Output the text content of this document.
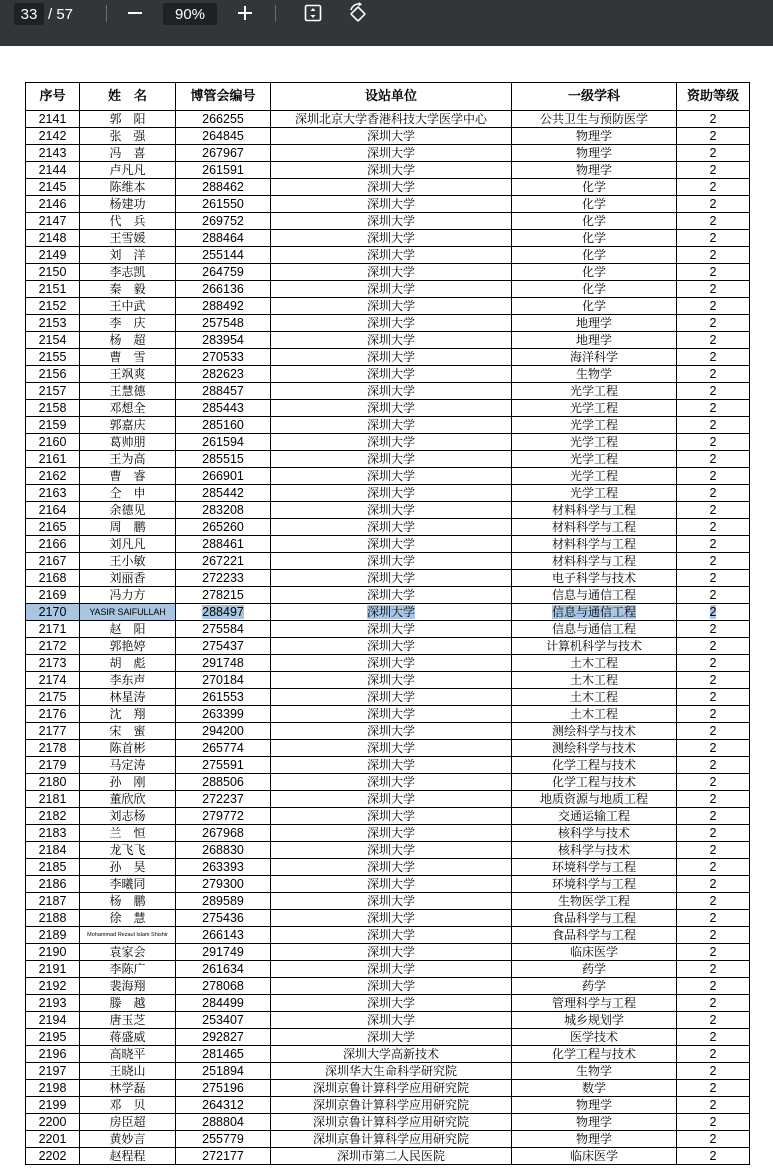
33 / 57	90%
序号	姓　名	博管会编号	设站单位	一级学科	资助等级
2141	郭　阳	266255	深圳北京大学香港科技大学医学中心	公共卫生与预防医学	2
2142	张　强	264845	深圳大学	物理学	2
2143	冯　喜	267967	深圳大学	物理学	2
2144	卢凡凡	261591	深圳大学	物理学	2
2145	陈维本	288462	深圳大学	化学	2
2146	杨建功	261550	深圳大学	化学	2
2147	代　兵	269752	深圳大学	化学	2
2148	王雪媛	288464	深圳大学	化学	2
2149	刘　洋	255144	深圳大学	化学	2
2150	李志凯	264759	深圳大学	化学	2
2151	秦　毅	266136	深圳大学	化学	2
2152	王中武	288492	深圳大学	化学	2
2153	李　庆	257548	深圳大学	地理学	2
2154	杨　超	283954	深圳大学	地理学	2
2155	曹　雪	270533	深圳大学	海洋科学	2
2156	王飒爽	282623	深圳大学	生物学	2
2157	王慧德	288457	深圳大学	光学工程	2
2158	邓想全	285443	深圳大学	光学工程	2
2159	郭嘉庆	285160	深圳大学	光学工程	2
2160	葛帅朋	261594	深圳大学	光学工程	2
2161	王为高	285515	深圳大学	光学工程	2
2162	曹　睿	266901	深圳大学	光学工程	2
2163	仝　申	285442	深圳大学	光学工程	2
2164	余德见	283208	深圳大学	材料科学与工程	2
2165	周　鹏	265260	深圳大学	材料科学与工程	2
2166	刘凡凡	288461	深圳大学	材料科学与工程	2
2167	王小敏	267221	深圳大学	材料科学与工程	2
2168	刘丽香	272233	深圳大学	电子科学与技术	2
2169	冯力方	278215	深圳大学	信息与通信工程	2
2170	YASIR SAIFULLAH	288497	深圳大学	信息与通信工程	2
2171	赵　阳	275584	深圳大学	信息与通信工程	2
2172	郭艳婷	275437	深圳大学	计算机科学与技术	2
2173	胡　彪	291748	深圳大学	土木工程	2
2174	李东声	270184	深圳大学	土木工程	2
2175	林星涛	261553	深圳大学	土木工程	2
2176	沈　翔	263399	深圳大学	土木工程	2
2177	宋　蜜	294200	深圳大学	测绘科学与技术	2
2178	陈首彬	265774	深圳大学	测绘科学与技术	2
2179	马定涛	275591	深圳大学	化学工程与技术	2
2180	孙　刚	288506	深圳大学	化学工程与技术	2
2181	董欣欣	272237	深圳大学	地质资源与地质工程	2
2182	刘志杨	279772	深圳大学	交通运输工程	2
2183	兰　恒	267968	深圳大学	核科学与技术	2
2184	龙飞飞	268830	深圳大学	核科学与技术	2
2185	孙　昊	263393	深圳大学	环境科学与工程	2
2186	李曦同	279300	深圳大学	环境科学与工程	2
2187	杨　鹏	289589	深圳大学	生物医学工程	2
2188	徐　慧	275436	深圳大学	食品科学与工程	2
2189	Mohammad Rezaul Islam Shishir	266143	深圳大学	食品科学与工程	2
2190	袁家会	291749	深圳大学	临床医学	2
2191	李陈广	261634	深圳大学	药学	2
2192	裴海翔	278068	深圳大学	药学	2
2193	滕　越	284499	深圳大学	管理科学与工程	2
2194	唐玉芝	253407	深圳大学	城乡规划学	2
2195	蒋盛威	292827	深圳大学	医学技术	2
2196	高晓平	281465	深圳大学高新技术	化学工程与技术	2
2197	王晓山	251894	深圳华大生命科学研究院	生物学	2
2198	林学磊	275196	深圳京鲁计算科学应用研究院	数学	2
2199	邓　贝	264312	深圳京鲁计算科学应用研究院	物理学	2
2200	房臣超	288804	深圳京鲁计算科学应用研究院	物理学	2
2201	黄妙言	255779	深圳京鲁计算科学应用研究院	物理学	2
2202	赵程程	272177	深圳市第二人民医院	临床医学	2
